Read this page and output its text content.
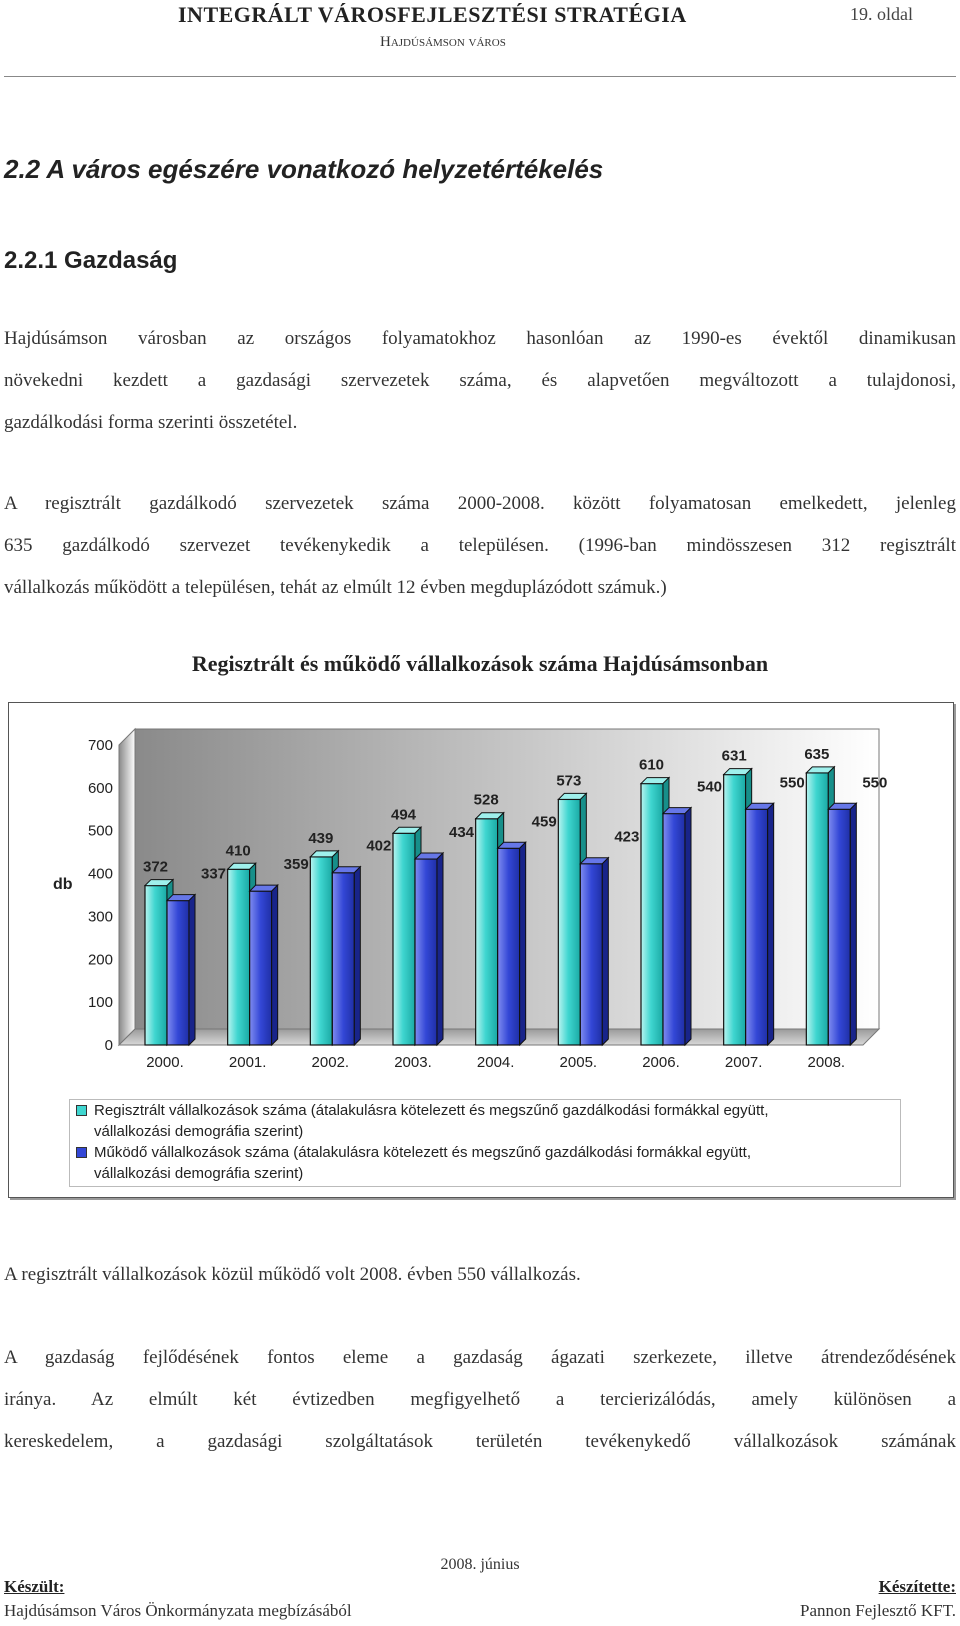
INTEGRÁLT VÁROSFEJLESZTÉSI STRATÉGIA
Hajdúsámson város
19. oldal
2.2 A város egészére vonatkozó helyzetértékelés
2.2.1 Gazdaság
Hajdúsámson városban az országos folyamatokhoz hasonlóan az 1990-es évektől dinamikusan
növekedni kezdett a gazdasági szervezetek száma, és alapvetően megváltozott a tulajdonosi,
gazdálkodási forma szerinti összetétel.
A regisztrált gazdálkodó szervezetek száma 2000-2008. között folyamatosan emelkedett, jelenleg
635 gazdálkodó szervezet tevékenykedik a településen. (1996-ban mindösszesen 312 regisztrált
vállalkozás működött a településen, tehát az elmúlt 12 évben megduplázódott számuk.)
Regisztrált és működő vállalkozások száma Hajdúsámsonban
db
0
100
200
300
400
500
600
700
372 337
2000.
410
359
2001.
439 402
2002.
494
434
2003.
528
459
2004.
573
423
2005.
610
540
2006.
631
550
2007.
635
550
2008.
Regisztrált vállalkozások száma (átalakulásra kötelezett és megszűnő gazdálkodási formákkal együtt,
vállalkozási demográfia szerint)
Működő vállalkozások száma (átalakulásra kötelezett és megszűnő gazdálkodási formákkal együtt,
vállalkozási demográfia szerint)
A regisztrált vállalkozások közül működő volt 2008. évben 550 vállalkozás.
A gazdaság fejlődésének fontos eleme a gazdaság ágazati szerkezete, illetve átrendeződésének
iránya. Az elmúlt két évtizedben megfigyelhető a tercierizálódás, amely különösen a
kereskedelem, a gazdasági szolgáltatások területén tevékenykedő vállalkozások számának
2008. június
Készült:	Készítette:
Hajdúsámson Város Önkormányzata megbízásából	Pannon Fejlesztő KFT.
